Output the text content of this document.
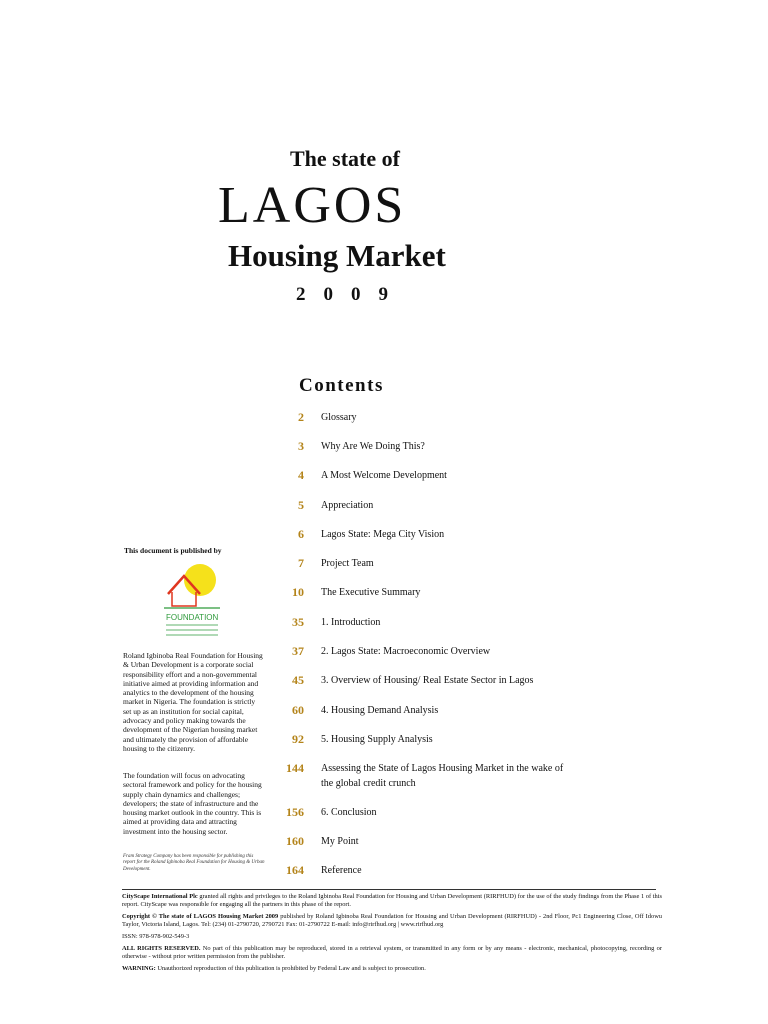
The state of
LAGOS
Housing Market
2009
Contents
2 Glossary
3 Why Are We Doing This?
4 A Most Welcome Development
5 Appreciation
6 Lagos State: Mega City Vision
7 Project Team
10 The Executive Summary
35 1. Introduction
37 2. Lagos State: Macroeconomic Overview
45 3. Overview of Housing/ Real Estate Sector in Lagos
60 4. Housing Demand Analysis
92 5. Housing Supply Analysis
144 Assessing the State of Lagos Housing Market in the wake of the global credit crunch
156 6. Conclusion
160 My Point
164 Reference
This document is published by
FOUNDATION
Roland Igbinoba Real Foundation for Housing & Urban Development is a corporate social responsibility effort and a non-governmental initiative aimed at providing information and analytics to the development of the housing market in Nigeria. The foundation is strictly set up as an institution for social capital, advocacy and policy making towards the development of the Nigerian housing market and ultimately the provision of affordable housing to the citizenry.
The foundation will focus on advocating sectoral framework and policy for the housing supply chain dynamics and challenges; developers; the state of infrastructure and the housing market outlook in the country. This is aimed at providing data and attracting investment into the housing sector.
Fram Strategy Company has been responsible for publishing this report for the Roland Igbinoba Real Foundation for Housing & Urban Development.

CityScape International Plc granted all rights and privileges to the Roland Igbinoba Real Foundation for Housing and Urban Development (RIRFHUD) for the use of the study findings from the Phase 1 of this report. CityScape was responsible for engaging all the partners in this phase of the report.

Copyright © The state of LAGOS Housing Market 2009 published by Roland Igbinoba Real Foundation for Housing and Urban Development (RIRFHUD) - 2nd Floor, Pc1 Engineering Close, Off Idowu Taylor, Victoria Island, Lagos. Tel: (234) 01-2790720, 2790721 Fax: 01-2790722 E-mail: info@rirfhud.org | www.rirfhud.org

ISSN: 978-978-902-549-3

ALL RIGHTS RESERVED. No part of this publication may be reproduced, stored in a retrieval system, or transmitted in any form or by any means - electronic, mechanical, photocopying, recording or otherwise - without prior written permission from the publisher.

WARNING: Unauthorized reproduction of this publication is prohibited by Federal Law and is subject to prosecution.
